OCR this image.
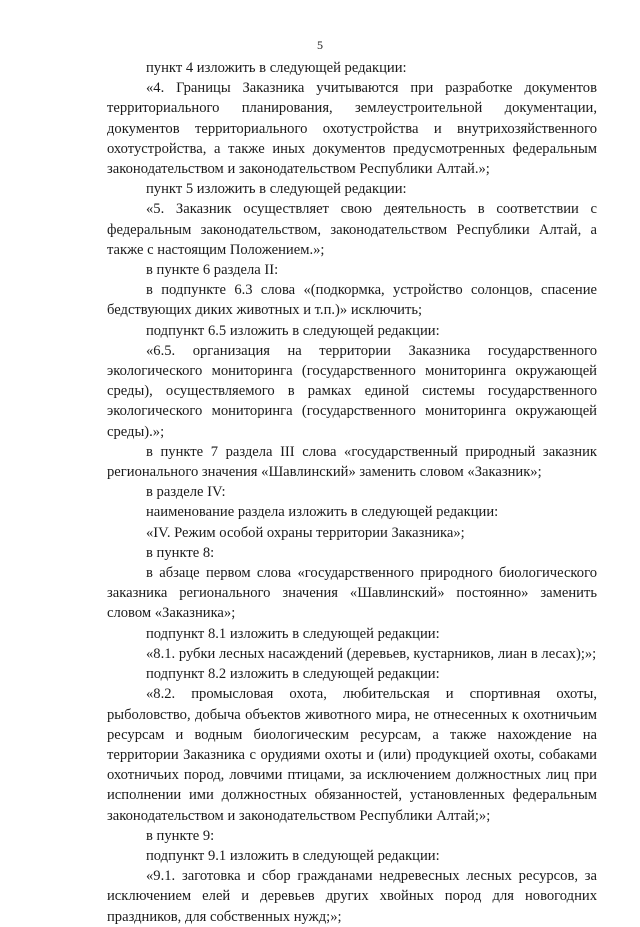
5

пункт 4 изложить в следующей редакции:

«4. Границы Заказника учитываются при разработке документов территориального планирования, землеустроительной документации, документов территориального охотустройства и внутрихозяйственного охотустройства, а также иных документов предусмотренных федеральным законодательством и законодательством Республики Алтай.»;

пункт 5 изложить в следующей редакции:

«5. Заказник осуществляет свою деятельность в соответствии с федеральным законодательством, законодательством Республики Алтай, а также с настоящим Положением.»;

в пункте 6 раздела II:

в подпункте 6.3 слова «(подкормка, устройство солонцов, спасение бедствующих диких животных и т.п.)» исключить;

подпункт 6.5 изложить в следующей редакции:

«6.5. организация на территории Заказника государственного экологического мониторинга (государственного мониторинга окружающей среды), осуществляемого в рамках единой системы государственного экологического мониторинга (государственного мониторинга окружающей среды).»;

в пункте 7 раздела III слова «государственный природный заказник регионального значения «Шавлинский» заменить словом «Заказник»;

в разделе IV:

наименование раздела изложить в следующей редакции:

«IV. Режим особой охраны территории Заказника»;

в пункте 8:

в абзаце первом слова «государственного природного биологического заказника регионального значения «Шавлинский» постоянно» заменить словом «Заказника»;

подпункт 8.1 изложить в следующей редакции:

«8.1. рубки лесных насаждений (деревьев, кустарников, лиан в лесах);»;

подпункт 8.2 изложить в следующей редакции:

«8.2. промысловая охота, любительская и спортивная охоты, рыболовство, добыча объектов животного мира, не отнесенных к охотничьим ресурсам и водным биологическим ресурсам, а также нахождение на территории Заказника с орудиями охоты и (или) продукцией охоты, собаками охотничьих пород, ловчими птицами, за исключением должностных лиц при исполнении ими должностных обязанностей, установленных федеральным законодательством и законодательством Республики Алтай;»;

в пункте 9:

подпункт 9.1 изложить в следующей редакции:

«9.1. заготовка и сбор гражданами недревесных лесных ресурсов, за исключением елей и деревьев других хвойных пород для новогодних праздников, для собственных нужд;»;
